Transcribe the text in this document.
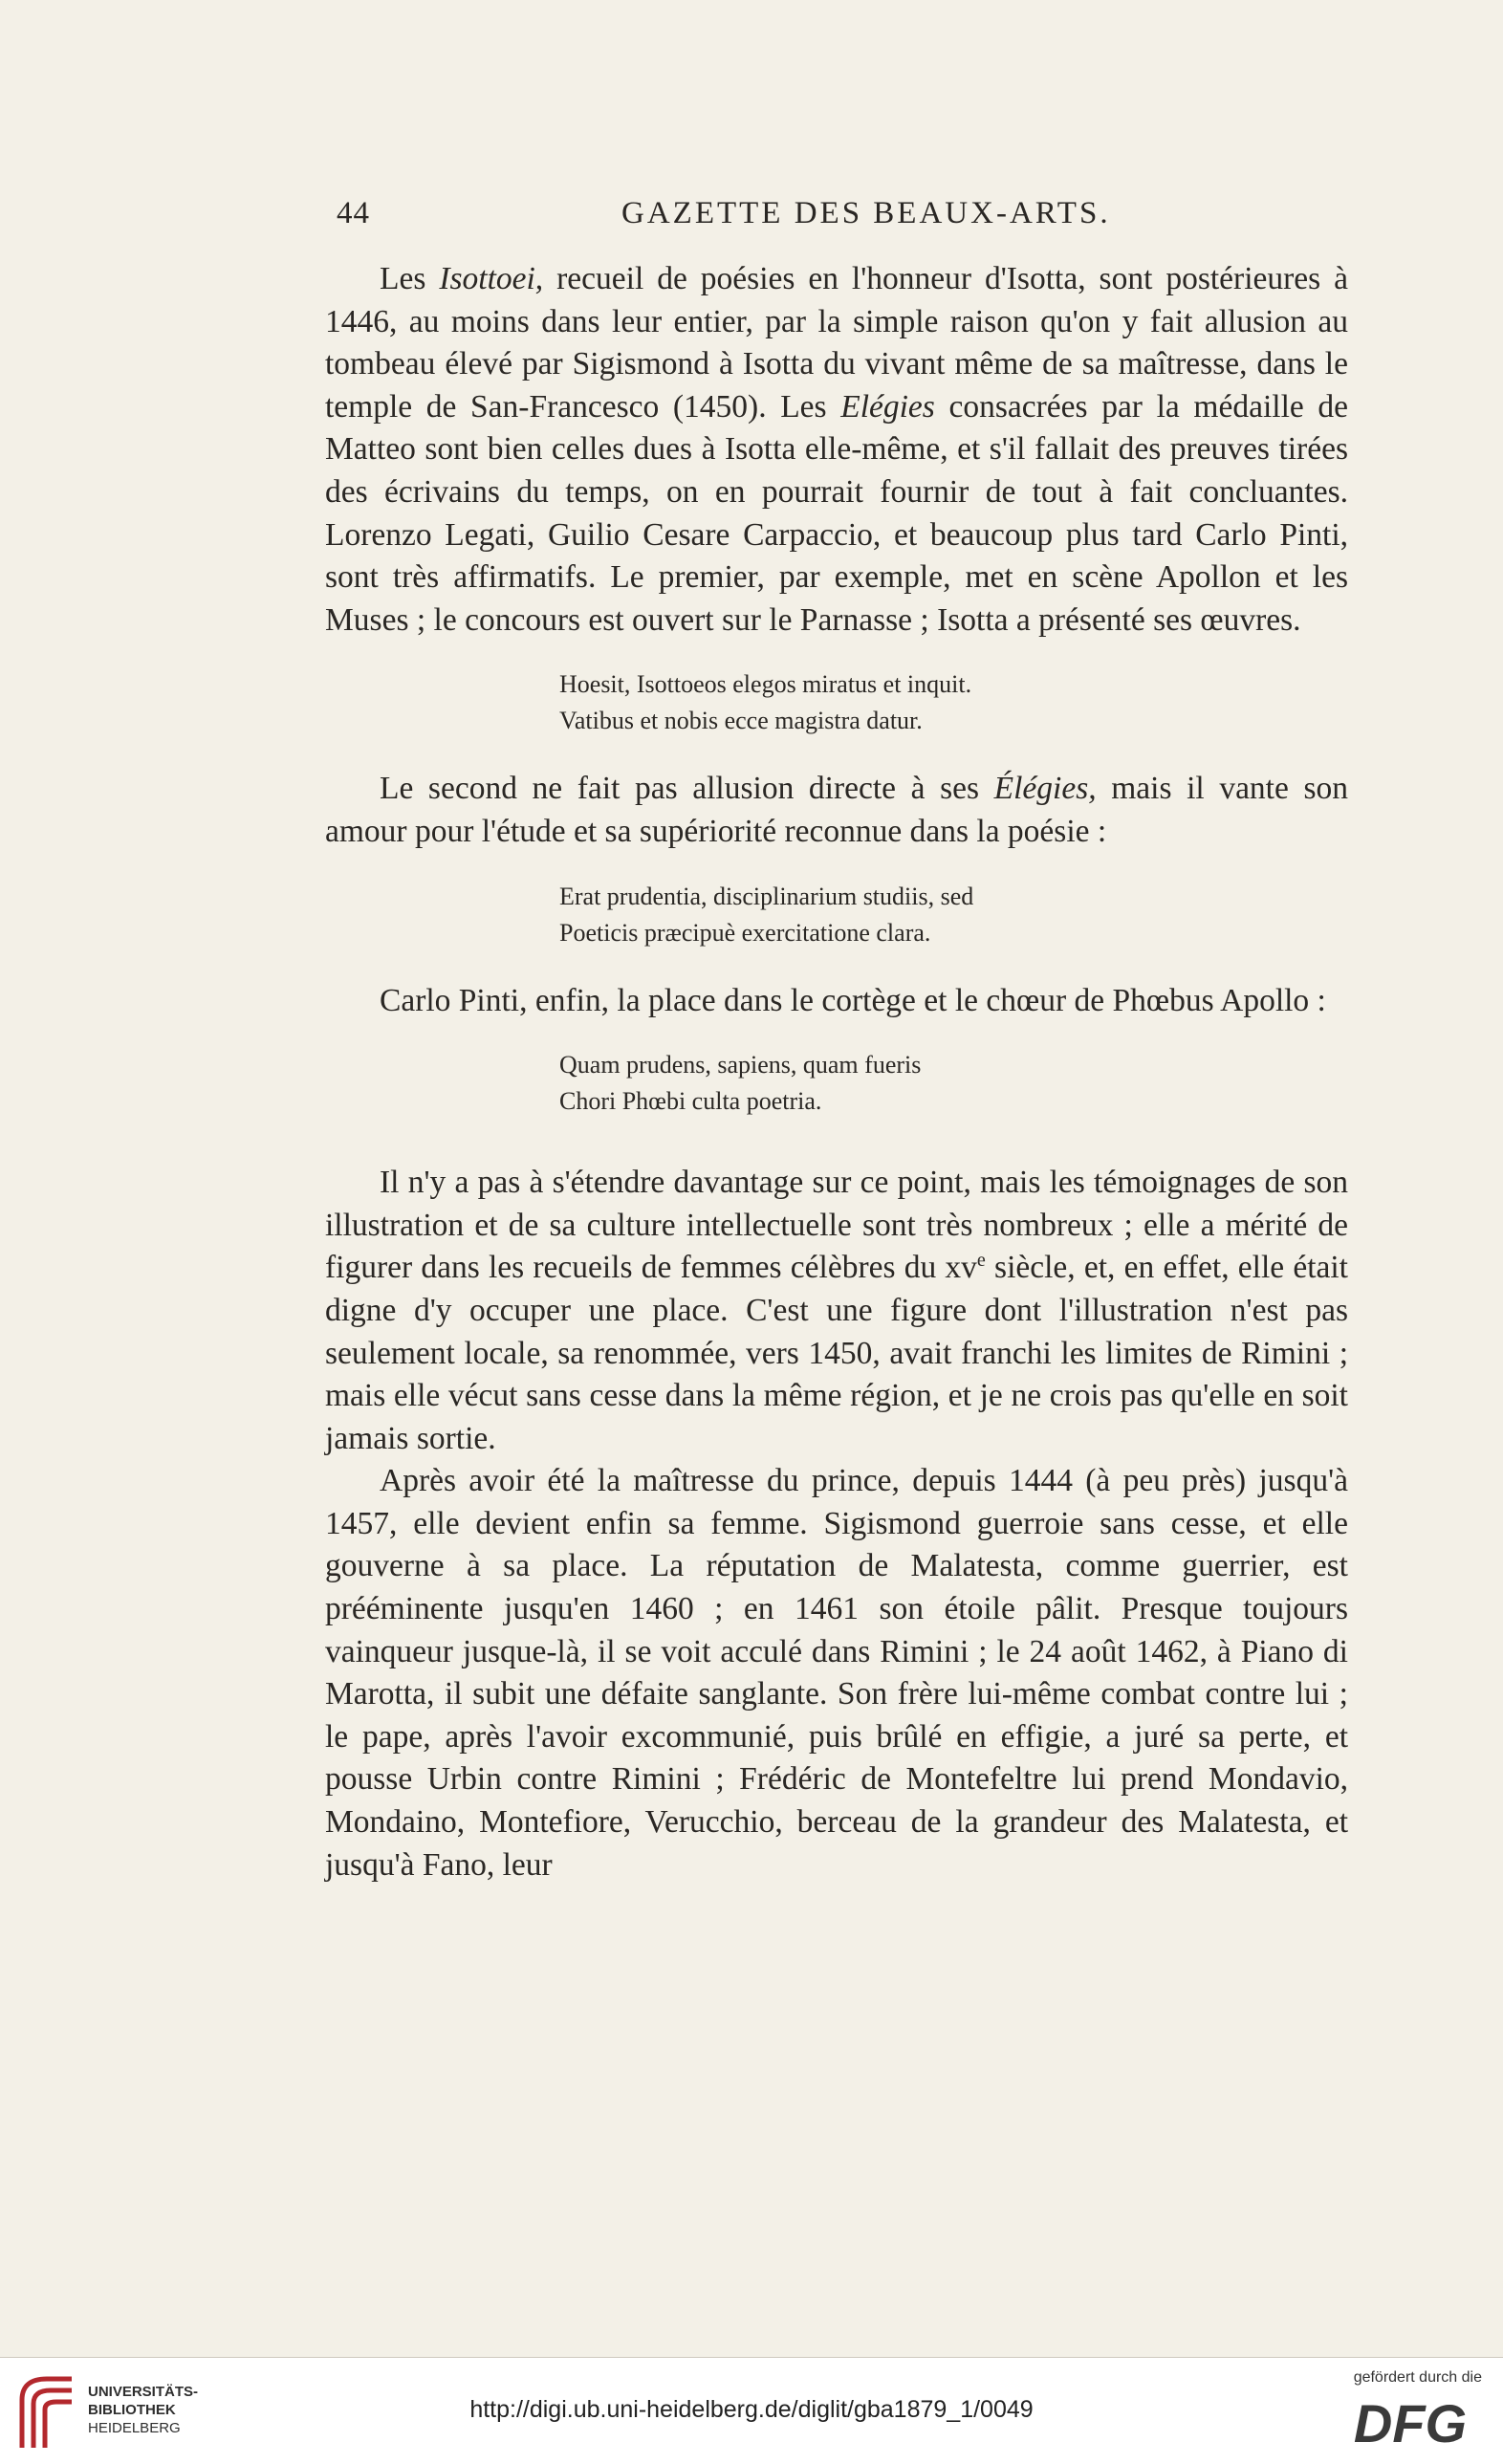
44	GAZETTE DES BEAUX-ARTS.

Les Isottoei, recueil de poésies en l'honneur d'Isotta, sont postérieures à 1446, au moins dans leur entier, par la simple raison qu'on y fait allusion au tombeau élevé par Sigismond à Isotta du vivant même de sa maîtresse, dans le temple de San-Francesco (1450). Les Elégies consacrées par la médaille de Matteo sont bien celles dues à Isotta elle-même, et s'il fallait des preuves tirées des écrivains du temps, on en pourrait fournir de tout à fait concluantes. Lorenzo Legati, Guilio Cesare Carpaccio, et beaucoup plus tard Carlo Pinti, sont très affirmatifs. Le premier, par exemple, met en scène Apollon et les Muses ; le concours est ouvert sur le Parnasse ; Isotta a présenté ses œuvres.

Hoesit, Isottoeos elegos miratus et inquit.
Vatibus et nobis ecce magistra datur.

Le second ne fait pas allusion directe à ses Élégies, mais il vante son amour pour l'étude et sa supériorité reconnue dans la poésie :

Erat prudentia, disciplinarium studiis, sed
Poeticis præcipuè exercitatione clara.

Carlo Pinti, enfin, la place dans le cortège et le chœur de Phœbus Apollo :

Quam prudens, sapiens, quam fueris
Chori Phœbi culta poetria.

Il n'y a pas à s'étendre davantage sur ce point, mais les témoignages de son illustration et de sa culture intellectuelle sont très nombreux ; elle a mérité de figurer dans les recueils de femmes célèbres du $xv^e$ siècle, et, en effet, elle était digne d'y occuper une place. C'est une figure dont l'illustration n'est pas seulement locale, sa renommée, vers 1450, avait franchi les limites de Rimini ; mais elle vécut sans cesse dans la même région, et je ne crois pas qu'elle en soit jamais sortie.

Après avoir été la maîtresse du prince, depuis 1444 (à peu près) jusqu'à 1457, elle devient enfin sa femme. Sigismond guerroie sans cesse, et elle gouverne à sa place. La réputation de Malatesta, comme guerrier, est prééminente jusqu'en 1460 ; en 1461 son étoile pâlit. Presque toujours vainqueur jusque-là, il se voit acculé dans Rimini ; le 24 août 1462, à Piano di Marotta, il subit une défaite sanglante. Son frère lui-même combat contre lui ; le pape, après l'avoir excommunié, puis brûlé en effigie, a juré sa perte, et pousse Urbin contre Rimini ; Frédéric de Montefeltre lui prend Mondavio, Mondaino, Montefiore, Verucchio, berceau de la grandeur des Malatesta, et jusqu'à Fano, leur

UNIVERSITÄTS-
BIBLIOTHEK
HEIDELBERG
http://digi.ub.uni-heidelberg.de/diglit/gba1879_1/0049
gefördert durch die
DFG
